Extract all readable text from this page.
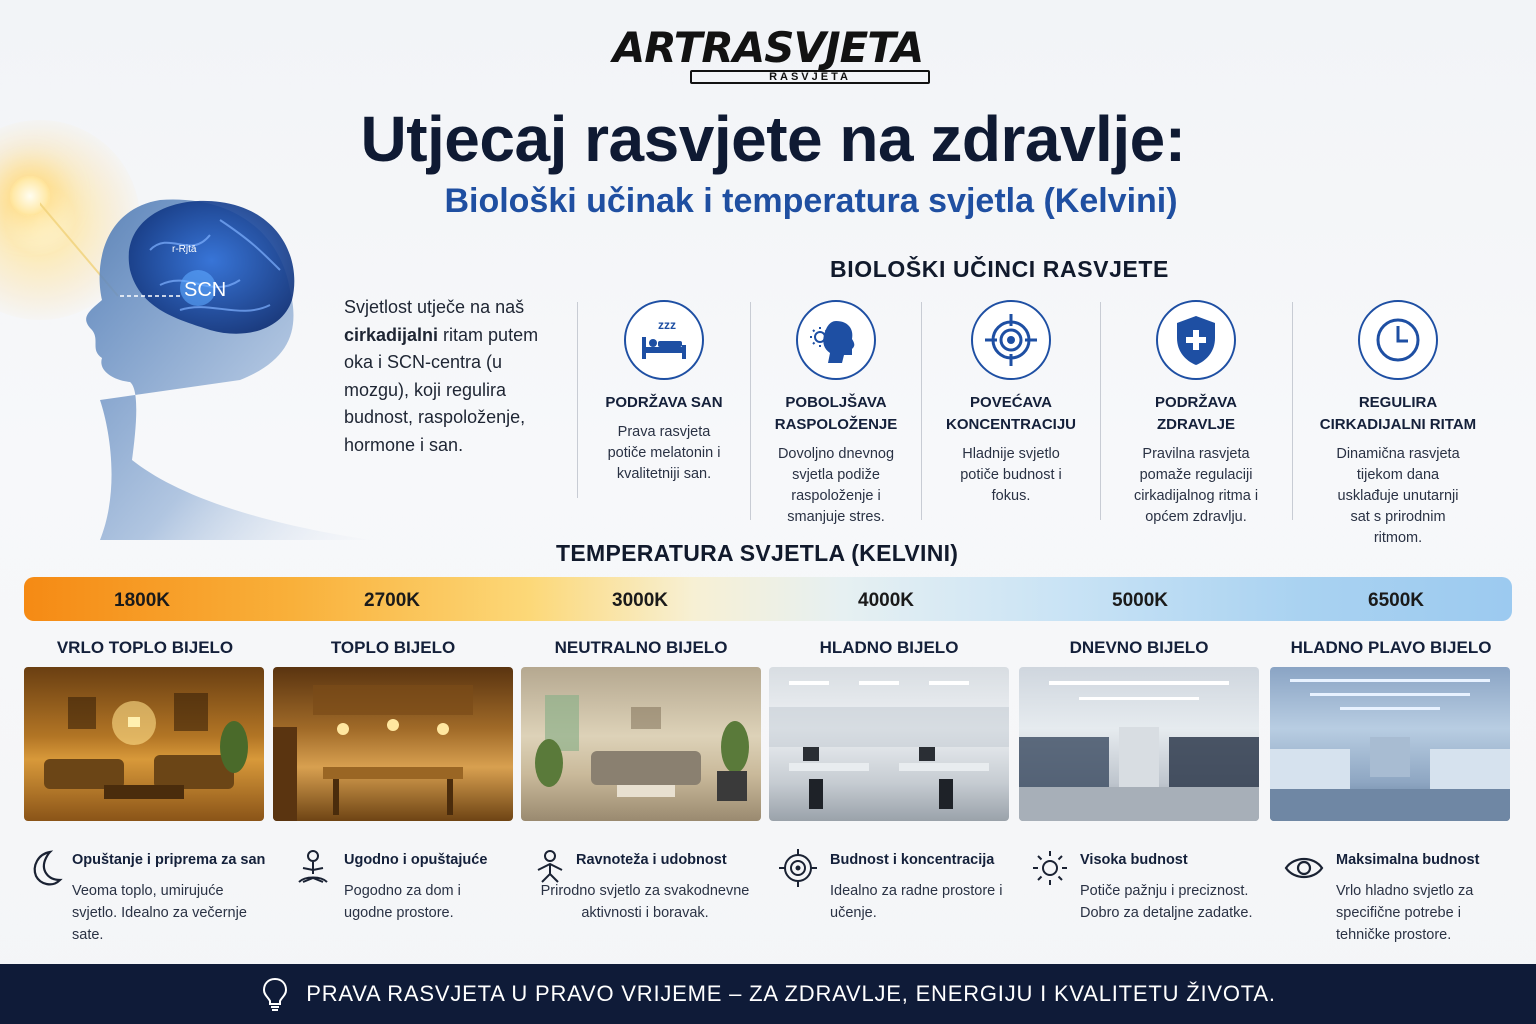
ARTRASVJETA
RASVJETA
Utjecaj rasvjete na zdravlje:
Biološki učinak i temperatura svjetla (Kelvini)
SCN
r-Rjtā
Svjetlost utječe na naš cirkadijalni ritam putem oka i SCN-centra (u mozgu), koji regulira budnost, raspoloženje, hormone i san.
BIOLOŠKI UČINCI RASVJETE
zzz
PODRŽAVA SAN
Prava rasvjeta potiče melatonin i kvalitetniji san.
POBOLJŠAVA RASPOLOŽENJE
Dovoljno dnevnog svjetla podiže raspoloženje i smanjuje stres.
POVEĆAVA KONCENTRACIJU
Hladnije svjetlo potiče budnost i fokus.
PODRŽAVA ZDRAVLJE
Pravilna rasvjeta pomaže regulaciji cirkadijalnog ritma i općem zdravlju.
REGULIRA CIRKADIJALNI RITAM
Dinamična rasvjeta tijekom dana usklađuje unutarnji sat s prirodnim ritmom.
TEMPERATURA SVJETLA (KELVINI)
1800K	2700K	3000K	4000K	5000K	6500K
VRLO TOPLO BIJELO	TOPLO BIJELO	NEUTRALNO BIJELO	HLADNO BIJELO	DNEVNO BIJELO	HLADNO PLAVO BIJELO
Opuštanje i priprema za san
Veoma toplo, umirujuće svjetlo. Idealno za večernje sate.
Ugodno i opuštajuće
Pogodno za dom i ugodne prostore.
Ravnoteža i udobnost
Prirodno svjetlo za svakodnevne aktivnosti i boravak.
Budnost i koncentracija
Idealno za radne prostore i učenje.
Visoka budnost
Potiče pažnju i preciznost. Dobro za detaljne zadatke.
Maksimalna budnost
Vrlo hladno svjetlo za specifične potrebe i tehničke prostore.
PRAVA RASVJETA U PRAVO VRIJEME – ZA ZDRAVLJE, ENERGIJU I KVALITETU ŽIVOTA.
